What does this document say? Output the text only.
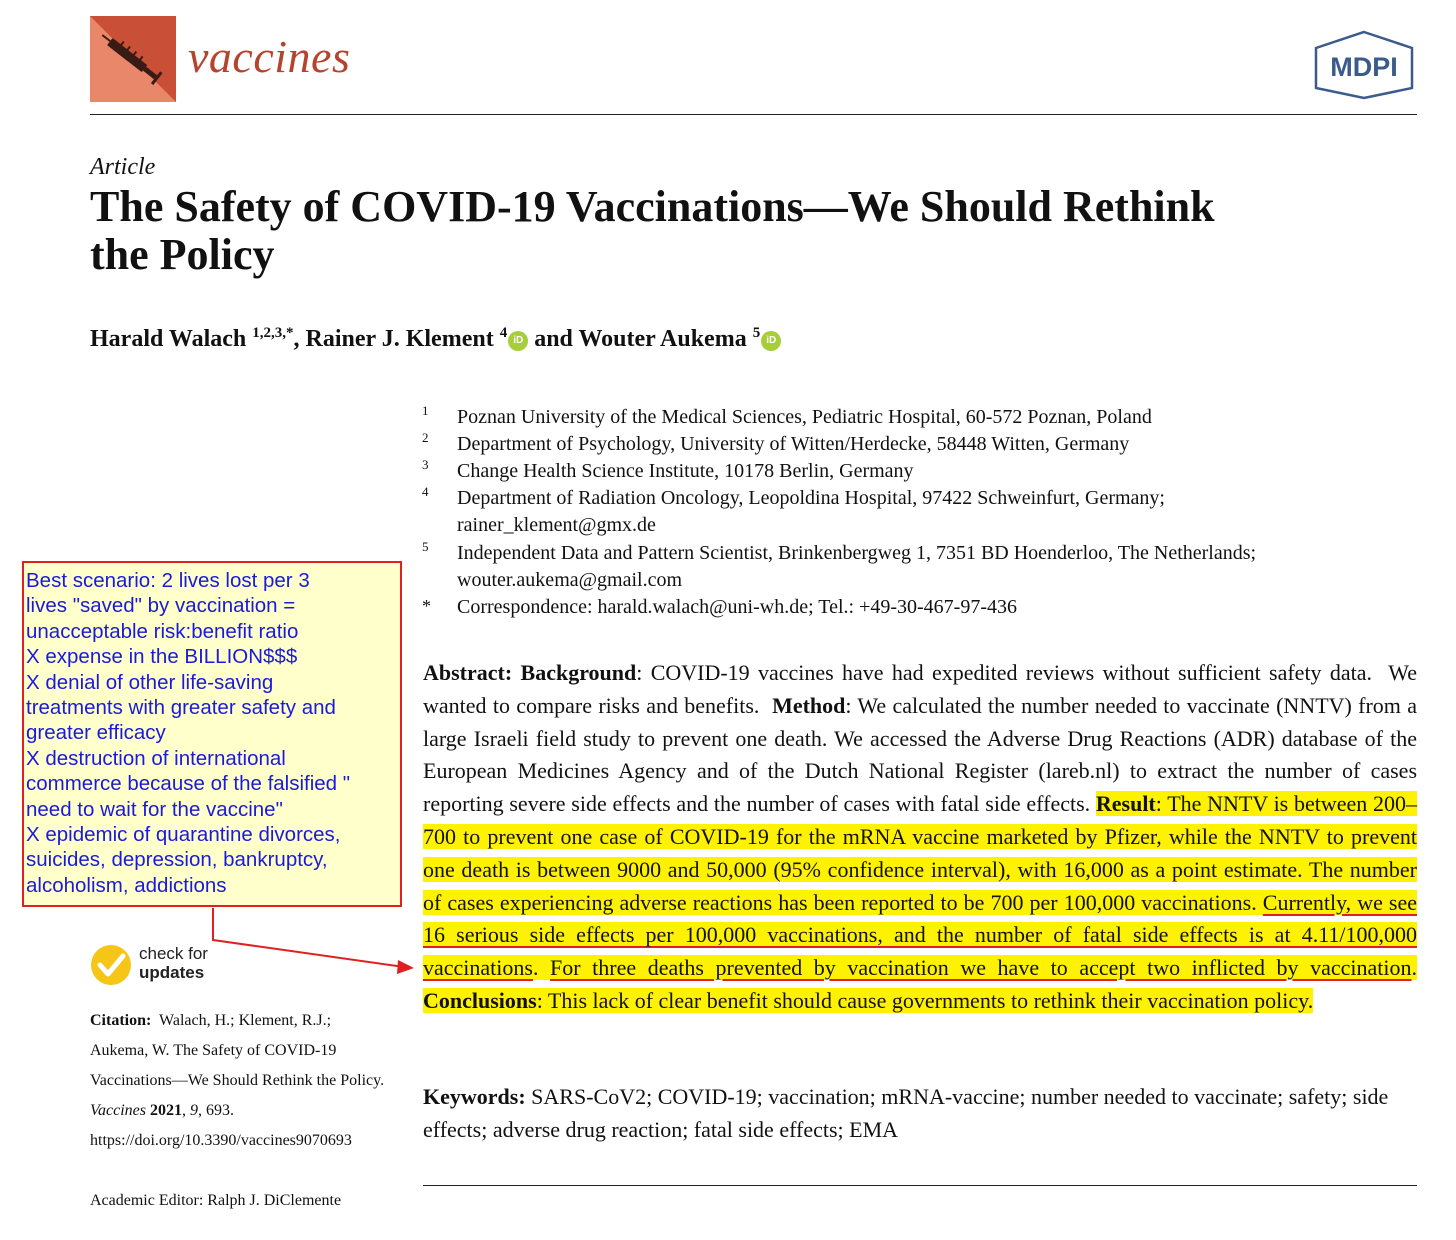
vaccines	MDPI
Article
The Safety of COVID-19 Vaccinations—We Should Rethink
the Policy
Harald Walach $^{1,2,3,*}$, Rainer J. Klement $^4$ iD and Wouter Aukema $^5$ iD
1 Poznan University of the Medical Sciences, Pediatric Hospital, 60-572 Poznan, Poland
2 Department of Psychology, University of Witten/Herdecke, 58448 Witten, Germany
3 Change Health Science Institute, 10178 Berlin, Germany
4 Department of Radiation Oncology, Leopoldina Hospital, 97422 Schweinfurt, Germany;
rainer_klement@gmx.de
5 Independent Data and Pattern Scientist, Brinkenbergweg 1, 7351 BD Hoenderloo, The Netherlands;
wouter.aukema@gmail.com
* Correspondence: harald.walach@uni-wh.de; Tel.: +49-30-467-97-436
Abstract: Background: COVID-19 vaccines have had expedited reviews without sufficient safety data.  We wanted to compare risks and benefits.  Method: We calculated the number needed to vaccinate (NNTV) from a large Israeli field study to prevent one death. We accessed the Adverse Drug Reactions (ADR) database of the European Medicines Agency and of the Dutch National Register (lareb.nl) to extract the number of cases reporting severe side effects and the number of cases with fatal side effects. Result: The NNTV is between 200–700 to prevent one case of COVID-19 for the mRNA vaccine marketed by Pfizer, while the NNTV to prevent one death is between 9000 and 50,000 (95% confidence interval), with 16,000 as a point estimate. The number of cases experiencing adverse reactions has been reported to be 700 per 100,000 vaccinations. Currently, we see 16 serious side effects per 100,000 vaccinations, and the number of fatal side effects is at 4.11/100,000 vaccinations. For three deaths prevented by vaccination we have to accept two inflicted by vaccination. Conclusions: This lack of clear benefit should cause governments to rethink their vaccination policy.
Keywords: SARS-CoV2; COVID-19; vaccination; mRNA-vaccine; number needed to vaccinate; safety; side effects; adverse drug reaction; fatal side effects; EMA
Best scenario: 2 lives lost per 3
lives "saved" by vaccination =
unacceptable risk:benefit ratio
X expense in the BILLION$$$
X denial of other life-saving
treatments with greater safety and
greater efficacy
X destruction of international
commerce because of the falsified "
need to wait for the vaccine"
X epidemic of quarantine divorces,
suicides, depression, bankruptcy,
alcoholism, addictions
check for
updates
Citation:  Walach, H.; Klement, R.J.; Aukema, W. The Safety of COVID-19 Vaccinations—We Should Rethink the Policy. Vaccines 2021, 9, 693.  https://doi.org/10.3390/vaccines9070693
Academic Editor: Ralph J. DiClemente
